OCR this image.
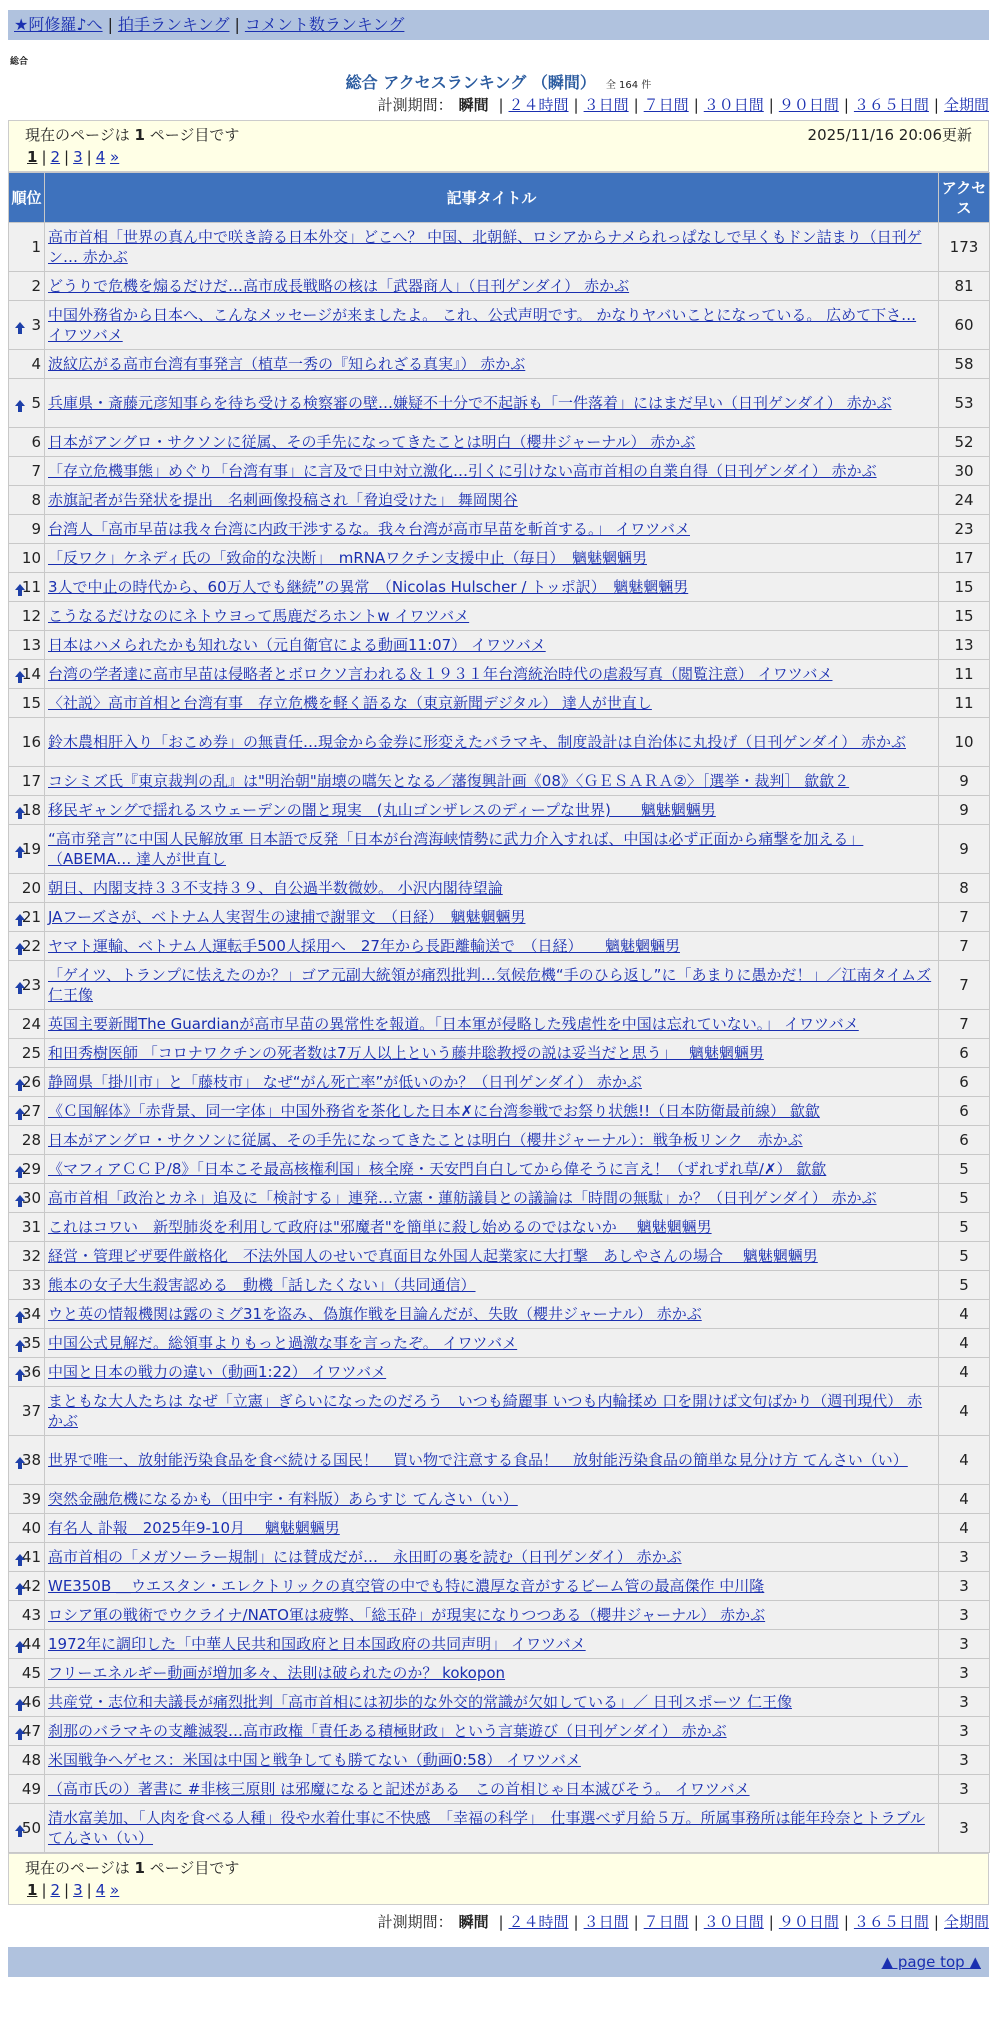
★阿修羅♪へ | 拍手ランキング | コメント数ランキング
総合
総合 アクセスランキング （瞬間） 全 164 件
計測期間： 瞬間 | ２４時間 | ３日間 | ７日間 | ３０日間 | ９０日間 | ３６５日間 | 全期間
現在のページは 1 ページ目です	2025/11/16 20:06更新
1 | 2 | 3 | 4 »
順位	記事タイトル	アクセス
1	高市首相「世界の真ん中で咲き誇る日本外交」どこへ？ 中国、北朝鮮、ロシアからナメられっぱなしで早くもドン詰まり（日刊ゲン… 赤かぶ	173
2	どうりで危機を煽るだけだ…高市成長戦略の核は「武器商人」（日刊ゲンダイ） 赤かぶ	81

3	中国外務省から日本へ、こんなメッセージが来ましたよ。 これ、公式声明です。 かなりヤバいことになっている。 広めて下さ… イワツバメ	60
4	波紋広がる高市台湾有事発言（植草一秀の『知られざる真実』） 赤かぶ	58

5	兵庫県・斎藤元彦知事らを待ち受ける検察審の壁…嫌疑不十分で不起訴も「一件落着」にはまだ早い（日刊ゲンダイ） 赤かぶ	53
6	日本がアングロ・サクソンに従属、その手先になってきたことは明白（櫻井ジャーナル） 赤かぶ	52
7	「存立危機事態」めぐり「台湾有事」に言及で日中対立激化…引くに引けない高市首相の自業自得（日刊ゲンダイ） 赤かぶ	30
8	赤旗記者が告発状を提出　名刺画像投稿され「脅迫受けた」 舞岡関谷	24
9	台湾人「高市早苗は我々台湾に内政干渉するな。我々台湾が高市早苗を斬首する。」 イワツバメ	23
10	「反ワク」ケネディ氏の「致命的な決断」　mRNAワクチン支援中止（毎日）　魑魅魍魎男	17

11	3人で中止の時代から、60万人でも継続”の異常　（Nicolas Hulscher / トッポ訳）　魑魅魍魎男	15
12	こうなるだけなのにネトウヨって馬鹿だろホントw イワツバメ	15
13	日本はハメられたかも知れない（元自衛官による動画11:07） イワツバメ	13

14	台湾の学者達に高市早苗は侵略者とボロクソ言われる＆１９３１年台湾統治時代の虐殺写真（閲覧注意） イワツバメ	11
15	〈社説〉高市首相と台湾有事　存立危機を軽く語るな（東京新聞デジタル） 達人が世直し	11
16	鈴木農相肝入り「おこめ券」の無責任…現金から金券に形変えたバラマキ、制度設計は自治体に丸投げ（日刊ゲンダイ） 赤かぶ	10
17	コシミズ氏『東京裁判の乱』は"明治朝"崩壊の嚆矢となる／藩復興計画《08》〈ＧＥＳＡＲＡ②〉［選挙・裁判］ 歙歙２	9

18	移民ギャングで揺れるスウェーデンの闇と現実　(丸山ゴンザレスのディープな世界)　　魑魅魍魎男	9

19	“高市発言”に中国人民解放軍 日本語で反発「日本が台湾海峡情勢に武力介入すれば、中国は必ず正面から痛撃を加える」（ABEMA… 達人が世直し	9
20	朝日、内閣支持３３不支持３９、自公過半数微妙。 小沢内閣待望論	8

21	JAフーズさが、ベトナム人実習生の逮捕で謝罪文　（日経）　魑魅魍魎男	7

22	ヤマト運輸、ベトナム人運転手500人採用へ　27年から長距離輸送で　（日経）　　魑魅魍魎男	7

23	「ゲイツ、トランプに怯えたのか？」ゴア元副大統領が痛烈批判…気候危機“手のひら返し”に「あまりに愚かだ！」／江南タイムズ 仁王像	7
24	英国主要新聞The Guardianが高市早苗の異常性を報道。「日本軍が侵略した残虐性を中国は忘れていない。」 イワツバメ	7
25	和田秀樹医師 「コロナワクチンの死者数は7万人以上という藤井聡教授の説は妥当だと思う」　 魑魅魍魎男	6

26	静岡県「掛川市」と「藤枝市」 なぜ“がん死亡率”が低いのか？（日刊ゲンダイ） 赤かぶ	6

27	《Ｃ国解体》「赤背景、同一字体」中国外務省を茶化した日本✗に台湾参戦でお祭り状態!!（日本防衛最前線） 歙歙	6
28	日本がアングロ・サクソンに従属、その手先になってきたことは明白（櫻井ジャーナル）：戦争板リンク　赤かぶ	6

29	《マフィアＣＣＰ/8》「日本こそ最高核権利国」核全廃・天安門自白してから偉そうに言え！（ずれずれ草/✗） 歙歙	5

30	高市首相「政治とカネ」追及に「検討する」連発…立憲・蓮舫議員との議論は「時間の無駄」か？（日刊ゲンダイ） 赤かぶ	5
31	これはコワい　新型肺炎を利用して政府は"邪魔者"を簡単に殺し始めるのではないか　 魑魅魍魎男	5
32	経営・管理ビザ要件厳格化　不法外国人のせいで真面目な外国人起業家に大打撃　あしやさんの場合　 魑魅魍魎男	5
33	熊本の女子大生殺害認める　動機「話したくない」（共同通信）	5

34	ウと英の情報機関は露のミグ31を盗み、偽旗作戦を目論んだが、失敗（櫻井ジャーナル） 赤かぶ	4

35	中国公式見解だ。総領事よりもっと過激な事を言ったぞ。 イワツバメ	4

36	中国と日本の戦力の違い（動画1:22） イワツバメ	4
37	まともな大人たちは なぜ「立憲」ぎらいになったのだろう　いつも綺麗事 いつも内輪揉め 口を開けば文句ばかり（週刊現代） 赤かぶ	4

38	世界で唯一、放射能汚染食品を食べ続ける国民！　買い物で注意する食品！　放射能汚染食品の簡単な見分け方 てんさい（い）	4
39	突然金融危機になるかも（田中宇・有料版）あらすじ てんさい（い）	4
40	有名人 訃報　2025年9-10月　 魑魅魍魎男	4

41	高市首相の「メガソーラー規制」には賛成だが…　永田町の裏を読む（日刊ゲンダイ） 赤かぶ	3

42	WE350B ＿ウエスタン・エレクトリックの真空管の中でも特に濃厚な音がするビーム管の最高傑作 中川隆	3
43	ロシア軍の戦術でウクライナ/NATO軍は疲弊、「総玉砕」が現実になりつつある（櫻井ジャーナル） 赤かぶ	3

44	1972年に調印した「中華人民共和国政府と日本国政府の共同声明」 イワツバメ	3
45	フリーエネルギー動画が増加多々、法則は破られたのか？ kokopon	3

46	共産党・志位和夫議長が痛烈批判「高市首相には初歩的な外交的常識が欠如している」／ 日刊スポーツ 仁王像	3

47	刹那のバラマキの支離滅裂…高市政権「責任ある積極財政」という言葉遊び（日刊ゲンダイ） 赤かぶ	3
48	米国戦争へゲセス：米国は中国と戦争しても勝てない（動画0:58） イワツバメ	3
49	（高市氏の）著書に #非核三原則 は邪魔になると記述がある　この首相じゃ日本滅びそう。 イワツバメ	3

50	清水富美加、「人肉を食べる人種」役や水着仕事に不快感　「幸福の科学」　仕事選べず月給５万。所属事務所は能年玲奈とトラブル てんさい（い）	3
現在のページは 1 ページ目です
1 | 2 | 3 | 4 »
計測期間： 瞬間 | ２４時間 | ３日間 | ７日間 | ３０日間 | ９０日間 | ３６５日間 | 全期間
▲ page top ▲
